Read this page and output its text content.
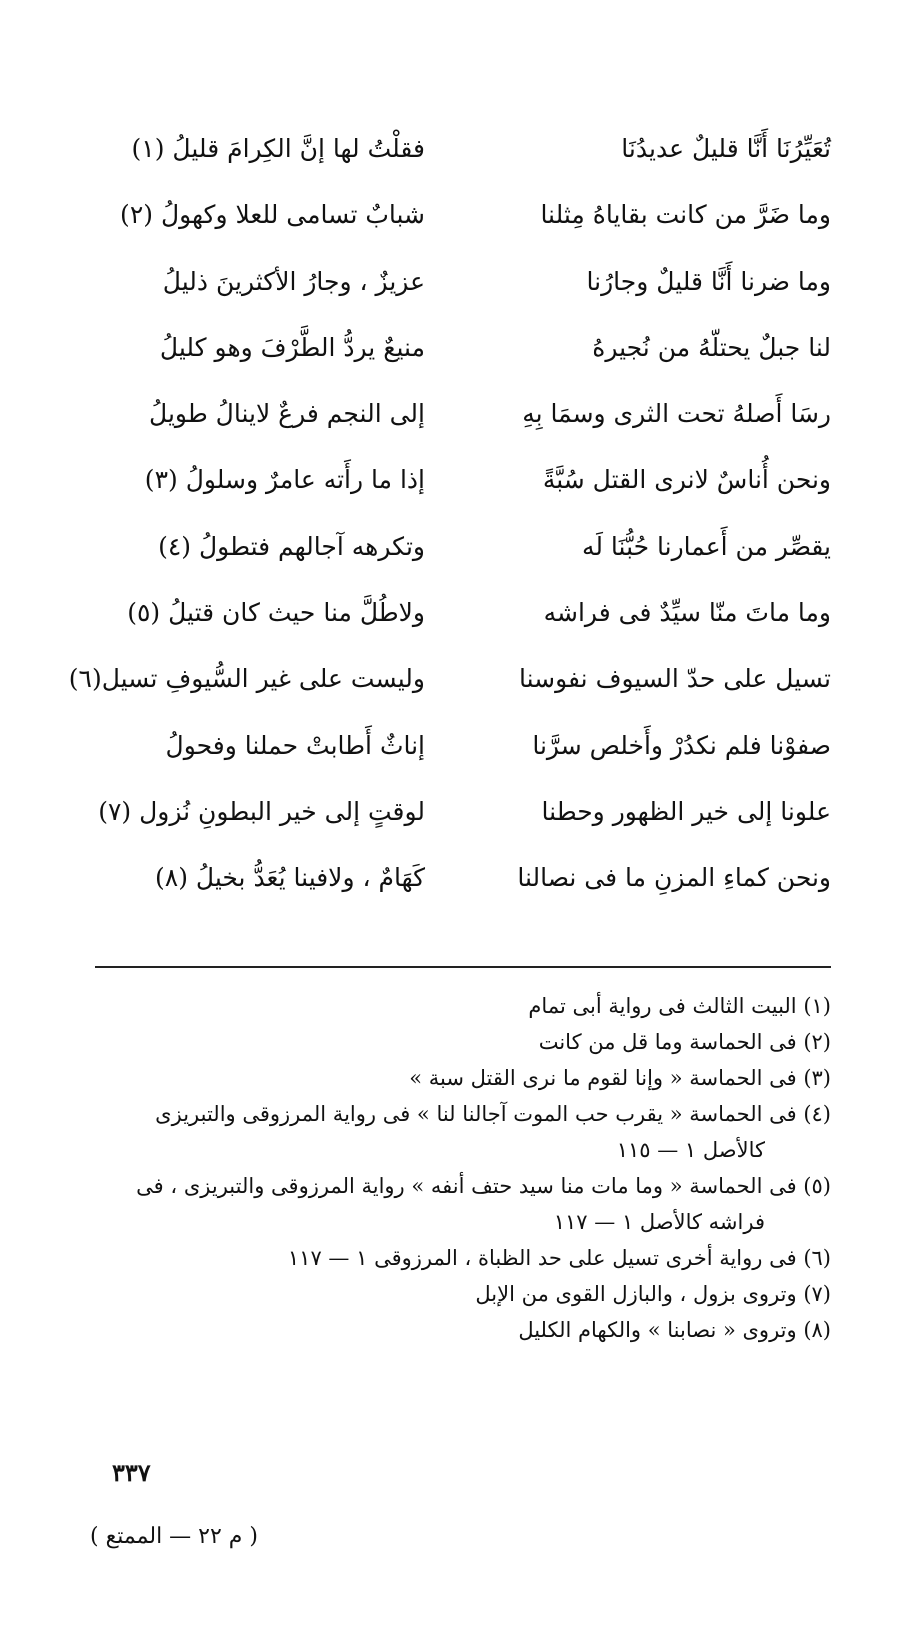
تُعَيِّرُنَا أَنَّا قليلٌ عديدُنَا
فقلْتُ لها إنَّ الكِرامَ قليلُ (١)
وما ضَرَّ من كانت بقاياهُ مِثلنا
شبابٌ تسامى للعلا وكهولُ (٢)
وما ضرنا أَنَّا قليلٌ وجارُنا
عزيزٌ ، وجارُ الأكثرينَ ذليلُ
لنا جبلٌ يحتلّهُ من نُجيرهُ
منيعٌ يردُّ الطَّرْفَ وهو كليلُ
رسَا أَصلهُ تحت الثرى وسمَا بِهِ
إلى النجم فرعٌ لاينالُ طويلُ
ونحن أُناسٌ لانرى القتل سُبَّةً
إذا ما رأَته عامرٌ وسلولُ (٣)
يقصِّر من أَعمارنا حُبُّنَا لَه
وتكرهه آجالهم فتطولُ (٤)
وما ماتَ منّا سيِّدٌ فى فراشه
ولاطُلَّ منا حيث كان قتيلُ (٥)
تسيل على حدّ السيوف نفوسنا
وليست على غير السُّيوفِ تسيل(٦)
صفوْنا فلم نكدُرْ وأَخلص سرَّنا
إناثٌ أَطابتْ حملنا وفحولُ
علونا إلى خير الظهور وحطنا
لوقتٍ إلى خير البطونِ نُزول (٧)
ونحن كماءِ المزنِ ما فى نصالنا
كَهَامٌ ، ولافينا يُعَدُّ بخيلُ (٨)
(١) البيت الثالث فى رواية أبى تمام
(٢) فى الحماسة وما قل من كانت
(٣) فى الحماسة « وإنا لقوم ما نرى القتل سبة »
(٤) فى الحماسة « يقرب حب الموت آجالنا لنا » فى رواية المرزوقى والتبريزى
كالأصل ١ — ١١٥
(٥) فى الحماسة « وما مات منا سيد حتف أنفه » رواية المرزوقى والتبريزى ، فى
فراشه كالأصل ١ — ١١٧
(٦) فى رواية أخرى تسيل على حد الظباة ، المرزوقى ١ — ١١٧
(٧) وتروى بزول ، والبازل القوى من الإبل
(٨) وتروى « نصابنا » والكهام الكليل
٣٣٧
( م ٢٢ — الممتع )
